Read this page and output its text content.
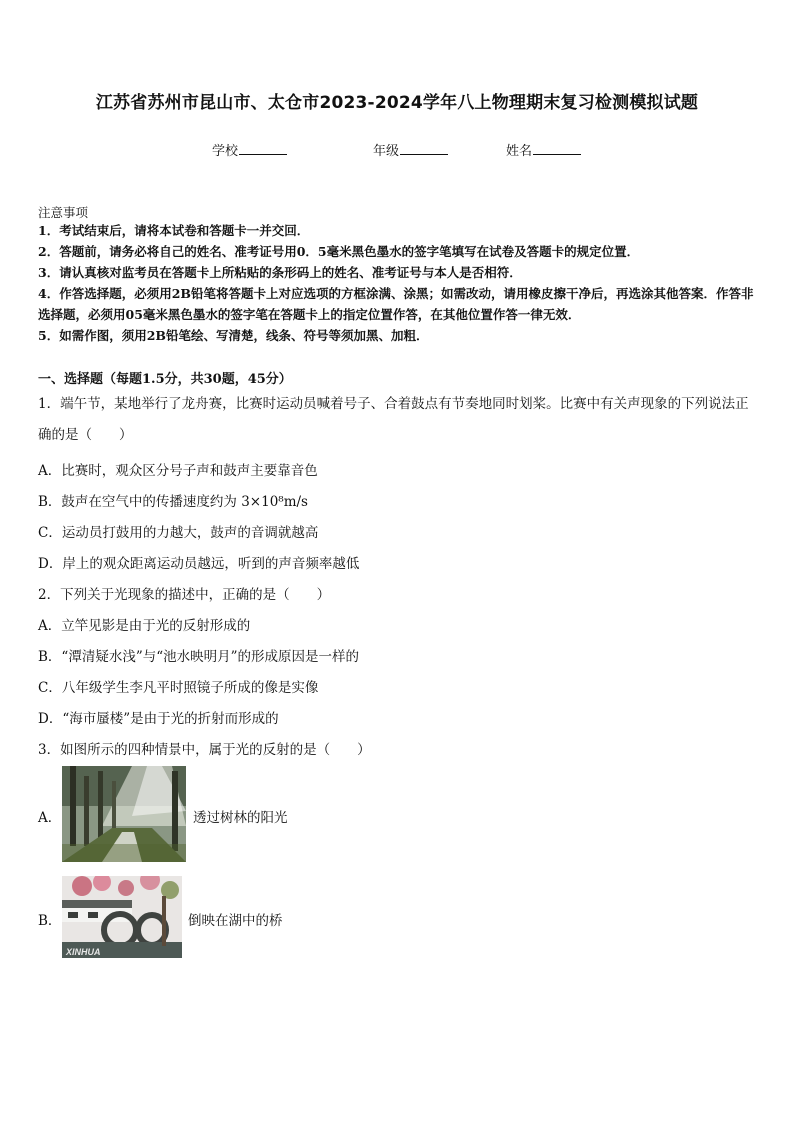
江苏省苏州市昆山市、太仓市2023-2024学年八上物理期末复习检测模拟试题
学校	年级	姓名
注意事项

1．考试结束后，请将本试卷和答题卡一并交回．

2．答题前，请务必将自己的姓名、准考证号用0．5毫米黑色墨水的签字笔填写在试卷及答题卡的规定位置．

3．请认真核对监考员在答题卡上所粘贴的条形码上的姓名、准考证号与本人是否相符．

4．作答选择题，必须用2B铅笔将答题卡上对应选项的方框涂满、涂黑；如需改动，请用橡皮擦干净后，再选涂其他答案．作答非选择题，必须用05毫米黑色墨水的签字笔在答题卡上的指定位置作答，在其他位置作答一律无效．

5．如需作图，须用2B铅笔绘、写清楚，线条、符号等须加黑、加粗．

一、选择题（每题1.5分，共30题，45分）
1．端午节，某地举行了龙舟赛，比赛时运动员喊着号子、合着鼓点有节奏地同时划桨。比赛中有关声现象的下列说法正确的是（　　）
A．比赛时，观众区分号子声和鼓声主要靠音色
B．鼓声在空气中的传播速度约为 3×10⁸m/s
C．运动员打鼓用的力越大，鼓声的音调就越高
D．岸上的观众距离运动员越远，听到的声音频率越低
2．下列关于光现象的描述中，正确的是（　　）
A．立竿见影是由于光的反射形成的
B．“潭清疑水浅”与“池水映明月”的形成原因是一样的
C．八年级学生李凡平时照镜子所成的像是实像
D．“海市蜃楼”是由于光的折射而形成的
3．如图所示的四种情景中，属于光的反射的是（　　）
A．	透过树林的阳光
B．
XINHUA
倒映在湖中的桥
